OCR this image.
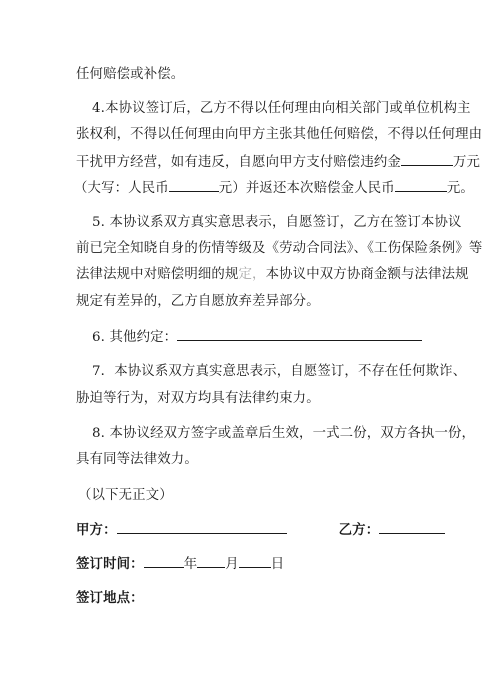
任何赔偿或补偿。
4.本协议签订后，乙方不得以任何理由向相关部门或单位机构主
张权利，不得以任何理由向甲方主张其他任何赔偿，不得以任何理由
干扰甲方经营，如有违反，自愿向甲方支付赔偿违约金	万元
（大写：人民币	元）并返还本次赔偿金人民币	元。
5. 本协议系双方真实意思表示，自愿签订，乙方在签订本协议
前已完全知晓自身的伤情等级及《劳动合同法》、《工伤保险条例》等
法律法规中对赔偿明细的规定，本协议中双方协商金额与法律法规
规定有差异的，乙方自愿放弃差异部分。
6. 其他约定：
7．本协议系双方真实意思表示，自愿签订，不存在任何欺诈、
胁迫等行为，对双方均具有法律约束力。
8. 本协议经双方签字或盖章后生效，一式二份，双方各执一份，
具有同等法律效力。
（以下无正文）
甲方：	乙方：
签订时间：	年 月 日
签订地点：
